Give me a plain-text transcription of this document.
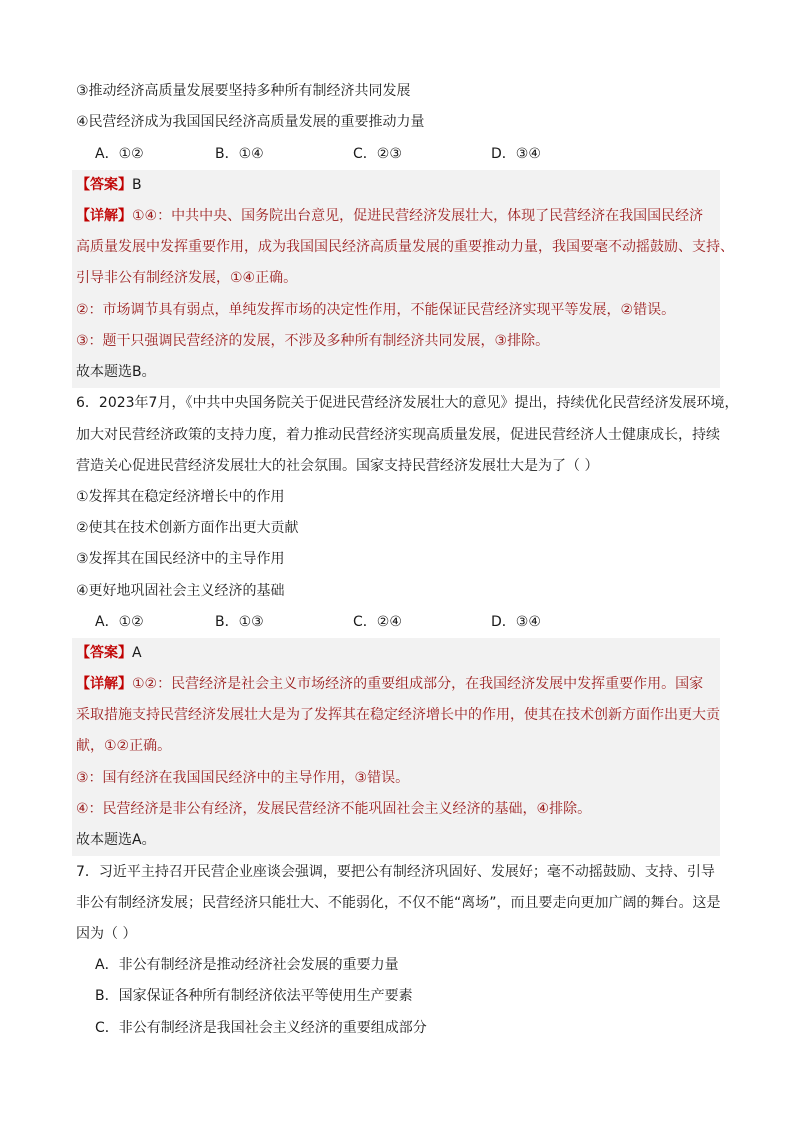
③推动经济高质量发展要坚持多种所有制经济共同发展
④民营经济成为我国国民经济高质量发展的重要推动力量
A．①②	B．①④	C．②③	D．③④
【答案】B
【详解】①④：中共中央、国务院出台意见，促进民营经济发展壮大，体现了民营经济在我国国民经济
高质量发展中发挥重要作用，成为我国国民经济高质量发展的重要推动力量，我国要毫不动摇鼓励、支持、
引导非公有制经济发展，①④正确。
②：市场调节具有弱点，单纯发挥市场的决定性作用，不能保证民营经济实现平等发展，②错误。
③：题干只强调民营经济的发展，不涉及多种所有制经济共同发展，③排除。
故本题选B。
6．2023年7月，《中共中央国务院关于促进民营经济发展壮大的意见》提出，持续优化民营经济发展环境，
加大对民营经济政策的支持力度，着力推动民营经济实现高质量发展，促进民营经济人士健康成长，持续
营造关心促进民营经济发展壮大的社会氛围。国家支持民营经济发展壮大是为了（ ）
①发挥其在稳定经济增长中的作用
②使其在技术创新方面作出更大贡献
③发挥其在国民经济中的主导作用
④更好地巩固社会主义经济的基础
A．①②	B．①③	C．②④	D．③④
【答案】A
【详解】①②：民营经济是社会主义市场经济的重要组成部分，在我国经济发展中发挥重要作用。国家
采取措施支持民营经济发展壮大是为了发挥其在稳定经济增长中的作用，使其在技术创新方面作出更大贡
献，①②正确。
③：国有经济在我国国民经济中的主导作用，③错误。
④：民营经济是非公有经济，发展民营经济不能巩固社会主义经济的基础，④排除。
故本题选A。
7．习近平主持召开民营企业座谈会强调，要把公有制经济巩固好、发展好；毫不动摇鼓励、支持、引导
非公有制经济发展；民营经济只能壮大、不能弱化，不仅不能“离场”，而且要走向更加广阔的舞台。这是
因为（ ）
A．非公有制经济是推动经济社会发展的重要力量
B．国家保证各种所有制经济依法平等使用生产要素
C．非公有制经济是我国社会主义经济的重要组成部分
